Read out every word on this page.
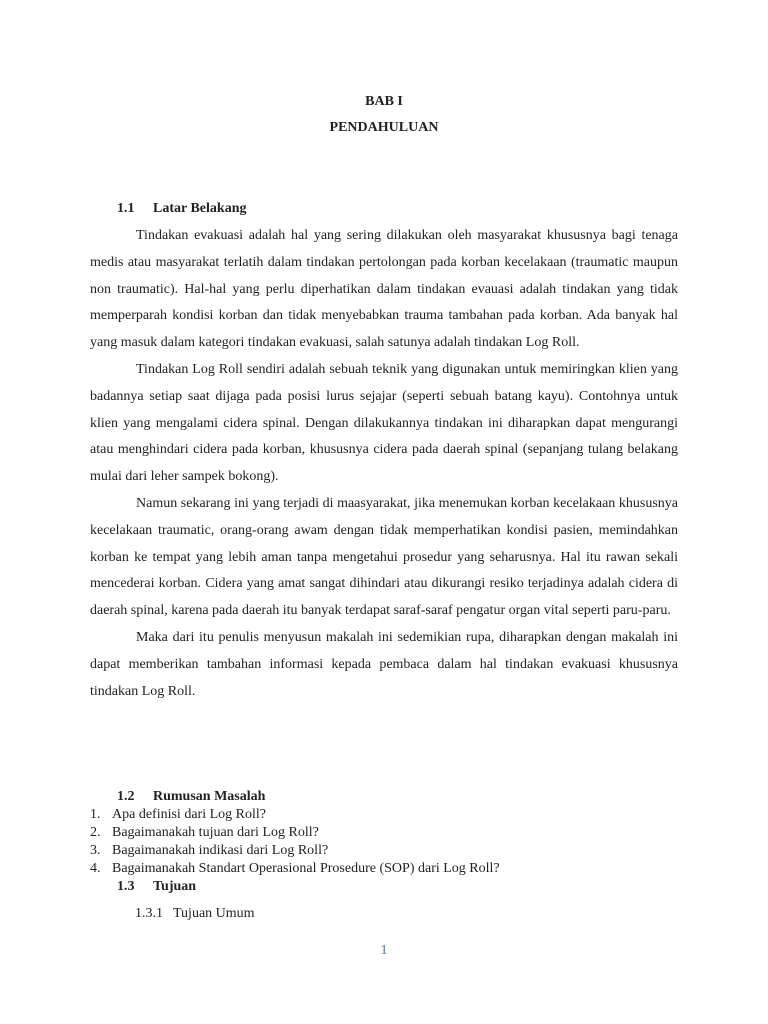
BAB I
PENDAHULUAN
1.1 Latar Belakang

Tindakan evakuasi adalah hal yang sering dilakukan oleh masyarakat khususnya bagi tenaga medis atau masyarakat terlatih dalam tindakan pertolongan pada korban kecelakaan (traumatic maupun non traumatic). Hal-hal yang perlu diperhatikan dalam tindakan evauasi adalah tindakan yang tidak memperparah kondisi korban dan tidak menyebabkan trauma tambahan pada korban. Ada banyak hal yang masuk dalam kategori tindakan evakuasi, salah satunya adalah tindakan Log Roll.

Tindakan Log Roll sendiri adalah sebuah teknik yang digunakan untuk memiringkan klien yang badannya setiap saat dijaga pada posisi lurus sejajar (seperti sebuah batang kayu). Contohnya untuk klien yang mengalami cidera spinal. Dengan dilakukannya tindakan ini diharapkan dapat mengurangi atau menghindari cidera pada korban, khususnya cidera pada daerah spinal (sepanjang tulang belakang mulai dari leher sampek bokong).

Namun sekarang ini yang terjadi di maasyarakat, jika menemukan korban kecelakaan khususnya kecelakaan traumatic, orang-orang awam dengan tidak memperhatikan kondisi pasien, memindahkan korban ke tempat yang lebih aman tanpa mengetahui prosedur yang seharusnya. Hal itu rawan sekali mencederai korban. Cidera yang amat sangat dihindari atau dikurangi resiko terjadinya adalah cidera di daerah spinal, karena pada daerah itu banyak terdapat saraf-saraf pengatur organ vital seperti paru-paru.

Maka dari itu penulis menyusun makalah ini sedemikian rupa, diharapkan dengan makalah ini dapat memberikan tambahan informasi kepada pembaca dalam hal tindakan evakuasi khususnya tindakan Log Roll.

1.2 Rumusan Masalah
1. Apa definisi dari Log Roll?
2. Bagaimanakah tujuan dari Log Roll?
3. Bagaimanakah indikasi dari Log Roll?
4. Bagaimanakah Standart Operasional Prosedure (SOP) dari Log Roll?
1.3 Tujuan
1.3.1 Tujuan Umum
1
